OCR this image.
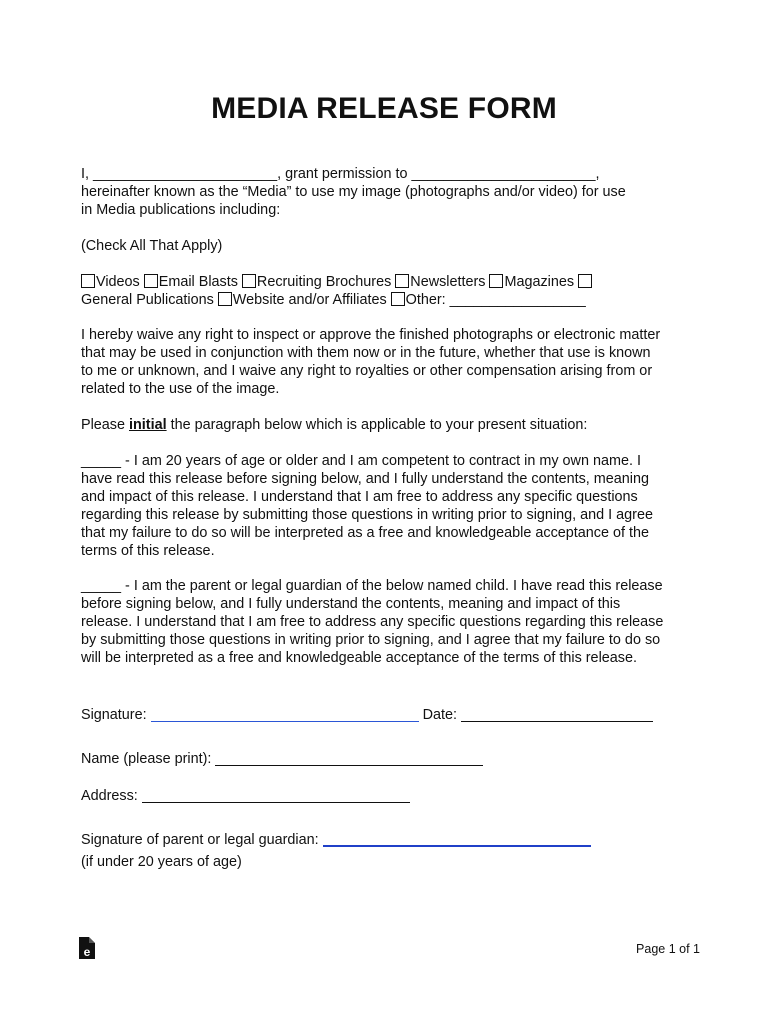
MEDIA RELEASE FORM
I, _______________________, grant permission to _______________________,
hereinafter known as the “Media” to use my image (photographs and/or video) for use
in Media publications including:
(Check All That Apply)
Videos Email Blasts Recruiting Brochures Newsletters Magazines
General Publications Website and/or Affiliates Other: _________________
I hereby waive any right to inspect or approve the finished photographs or electronic matter that may be used in conjunction with them now or in the future, whether that use is known to me or unknown, and I waive any right to royalties or other compensation arising from or related to the use of the image.
Please initial the paragraph below which is applicable to your present situation:
_____ - I am 20 years of age or older and I am competent to contract in my own name. I have read this release before signing below, and I fully understand the contents, meaning and impact of this release. I understand that I am free to address any specific questions regarding this release by submitting those questions in writing prior to signing, and I agree that my failure to do so will be interpreted as a free and knowledgeable acceptance of the terms of this release.
_____ - I am the parent or legal guardian of the below named child. I have read this release before signing below, and I fully understand the contents, meaning and impact of this release. I understand that I am free to address any specific questions regarding this release by submitting those questions in writing prior to signing, and I agree that my failure to do so will be interpreted as a free and knowledgeable acceptance of the terms of this release.
Signature:	Date:
Name (please print):
Address:
Signature of parent or legal guardian:
(if under 20 years of age)
e	Page 1 of 1
